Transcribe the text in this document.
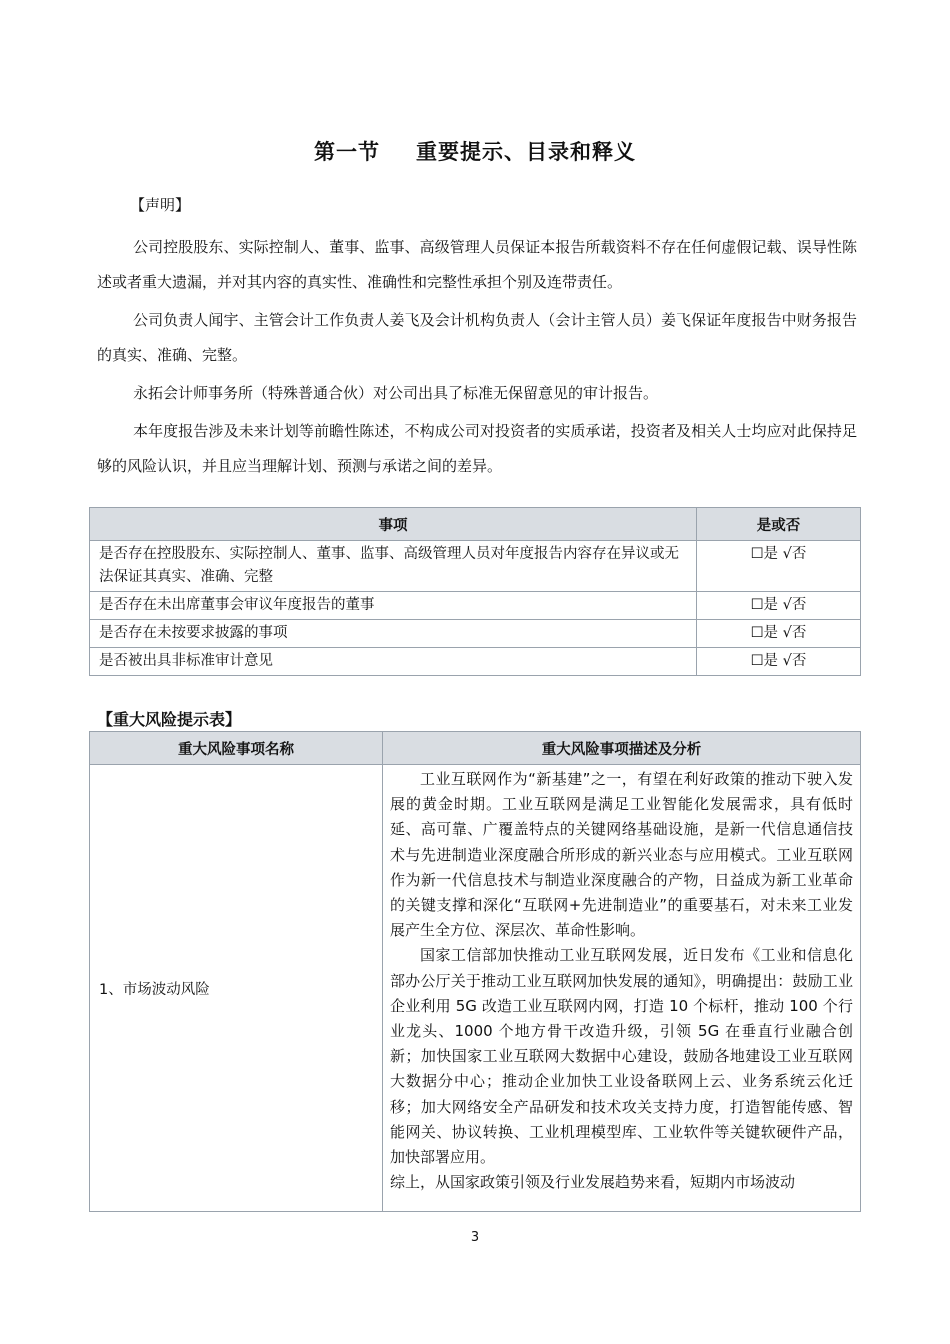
第一节 重要提示、目录和释义
【声明】

公司控股股东、实际控制人、董事、监事、高级管理人员保证本报告所载资料不存在任何虚假记载、误导性陈述或者重大遗漏，并对其内容的真实性、准确性和完整性承担个别及连带责任。

公司负责人闻宇、主管会计工作负责人姜飞及会计机构负责人（会计主管人员）姜飞保证年度报告中财务报告的真实、准确、完整。

永拓会计师事务所（特殊普通合伙）对公司出具了标准无保留意见的审计报告。

本年度报告涉及未来计划等前瞻性陈述，不构成公司对投资者的实质承诺，投资者及相关人士均应对此保持足够的风险认识，并且应当理解计划、预测与承诺之间的差异。

事项	是或否
是否存在控股股东、实际控制人、董事、监事、高级管理人员对年度报告内容存在异议或无法保证其真实、准确、完整	☐是 √否
是否存在未出席董事会审议年度报告的董事	☐是 √否
是否存在未按要求披露的事项	☐是 √否
是否被出具非标准审计意见	☐是 √否
【重大风险提示表】
重大风险事项名称	重大风险事项描述及分析
1、市场波动风险	工业互联网作为“新基建”之一，有望在利好政策的推动下驶入发展的黄金时期。工业互联网是满足工业智能化发展需求，具有低时延、高可靠、广覆盖特点的关键网络基础设施，是新一代信息通信技术与先进制造业深度融合所形成的新兴业态与应用模式。工业互联网作为新一代信息技术与制造业深度融合的产物，日益成为新工业革命的关键支撑和深化“互联网+先进制造业”的重要基石，对未来工业发展产生全方位、深层次、革命性影响。

国家工信部加快推动工业互联网发展，近日发布《工业和信息化部办公厅关于推动工业互联网加快发展的通知》，明确提出：鼓励工业企业利用 5G 改造工业互联网内网，打造 10 个标杆，推动 100 个行业龙头、1000 个地方骨干改造升级，引领 5G 在垂直行业融合创新；加快国家工业互联网大数据中心建设，鼓励各地建设工业互联网大数据分中心；推动企业加快工业设备联网上云、业务系统云化迁移；加大网络安全产品研发和技术攻关支持力度，打造智能传感、智能网关、协议转换、工业机理模型库、工业软件等关键软硬件产品，加快部署应用。

综上，从国家政策引领及行业发展趋势来看，短期内市场波动

3
